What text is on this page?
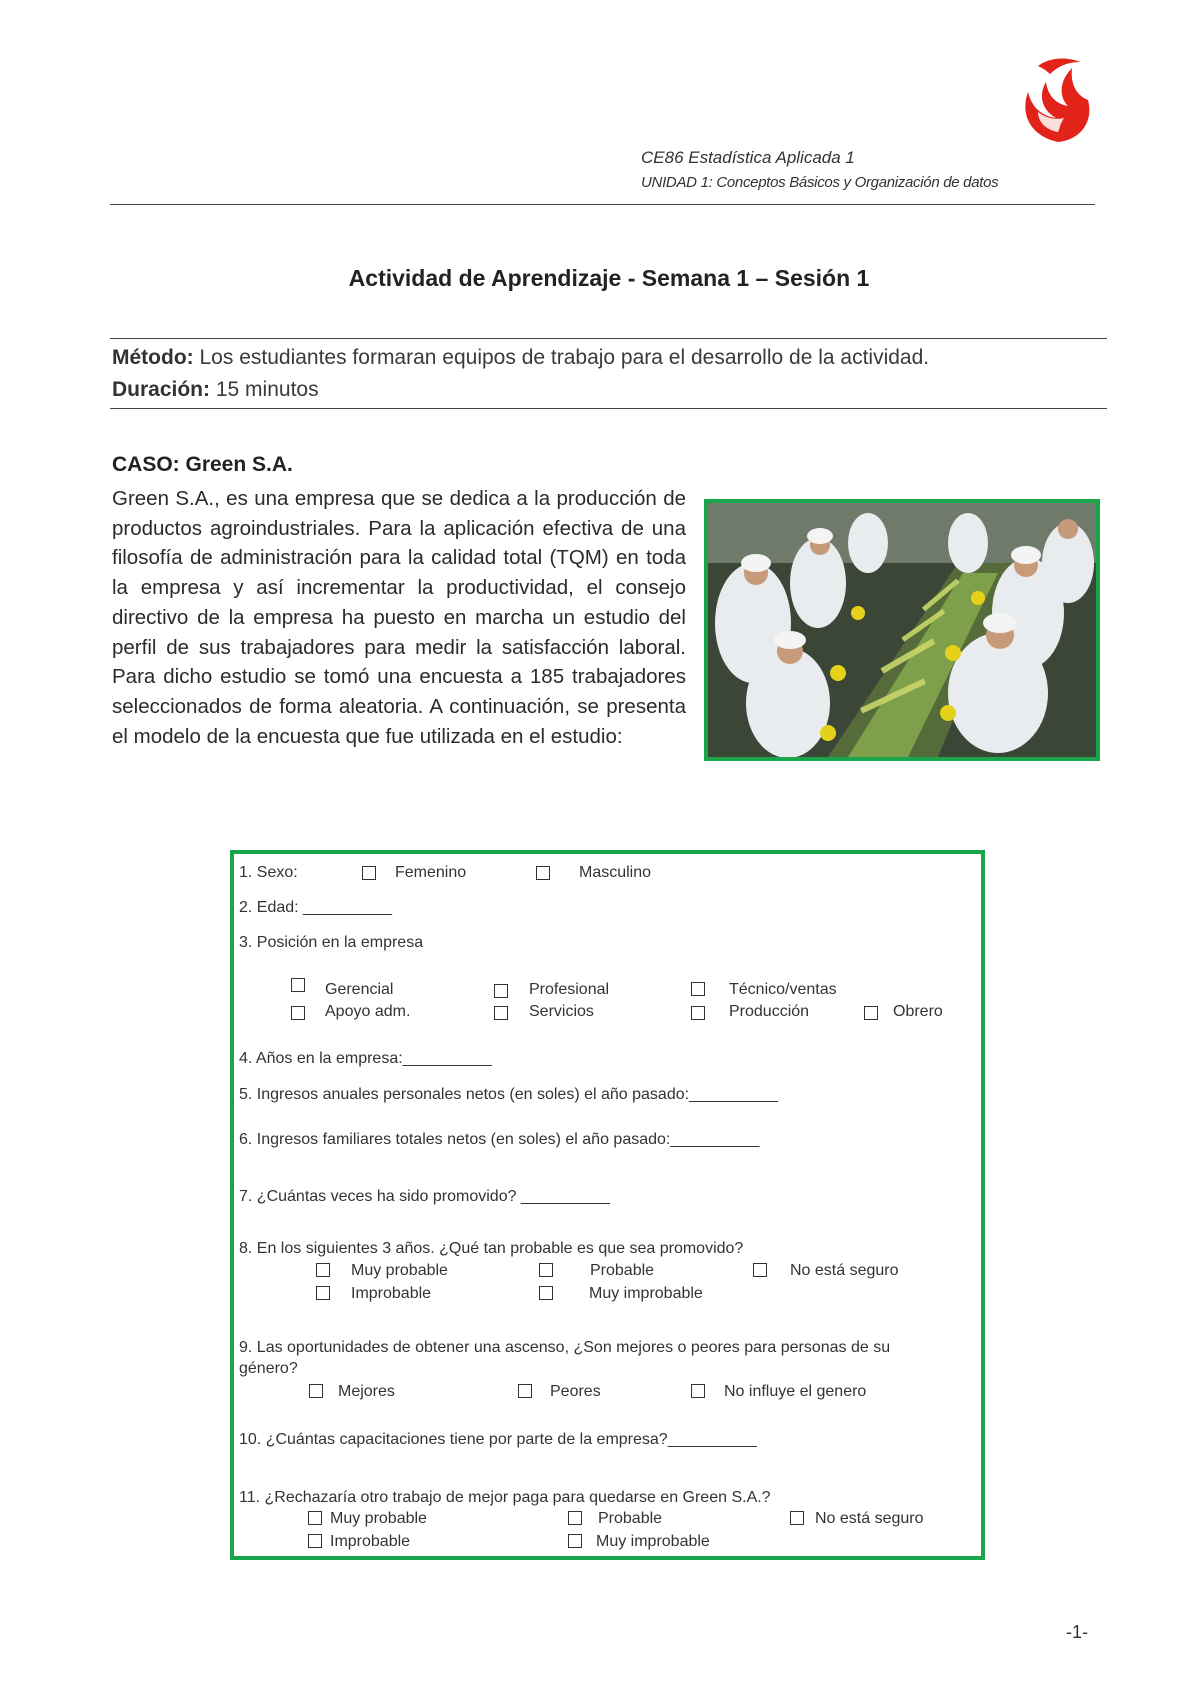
CE86 Estadística Aplicada 1
UNIDAD 1: Conceptos Básicos y Organización de datos
Actividad de Aprendizaje - Semana 1 – Sesión 1
Método: Los estudiantes formaran equipos de trabajo para el desarrollo de la actividad.
Duración: 15 minutos
CASO: Green S.A.
Green S.A., es una empresa que se dedica a la producción de productos agroindustriales. Para la aplicación efectiva de una filosofía de administración para la calidad total (TQM) en toda la empresa y así incrementar la productividad, el consejo directivo de la empresa ha puesto en marcha un estudio del perfil de sus trabajadores para medir la satisfacción laboral. Para dicho estudio se tomó una encuesta a 185 trabajadores seleccionados de forma aleatoria. A continuación, se presenta el modelo de la encuesta que fue utilizada en el estudio:
1. Sexo:	Femenino	Masculino
2. Edad: __________
3. Posición en la empresa
Gerencial	Profesional	Técnico/ventas
Apoyo adm.	Servicios	Producción	Obrero
4. Años en la empresa:__________
5. Ingresos anuales personales netos (en soles) el año pasado:__________
6. Ingresos familiares totales netos (en soles) el año pasado:__________
7. ¿Cuántas veces ha sido promovido? __________
8. En los siguientes 3 años. ¿Qué tan probable es que sea promovido?
Muy probable	Probable	No está seguro
Improbable	Muy improbable
9. Las oportunidades de obtener una ascenso, ¿Son mejores o peores para personas de su
género?
Mejores	Peores	No influye el genero
10. ¿Cuántas capacitaciones tiene por parte de la empresa?__________
11. ¿Rechazaría otro trabajo de mejor paga para quedarse en Green S.A.?
Muy probable	Probable	No está seguro
Improbable	Muy improbable
-1-
